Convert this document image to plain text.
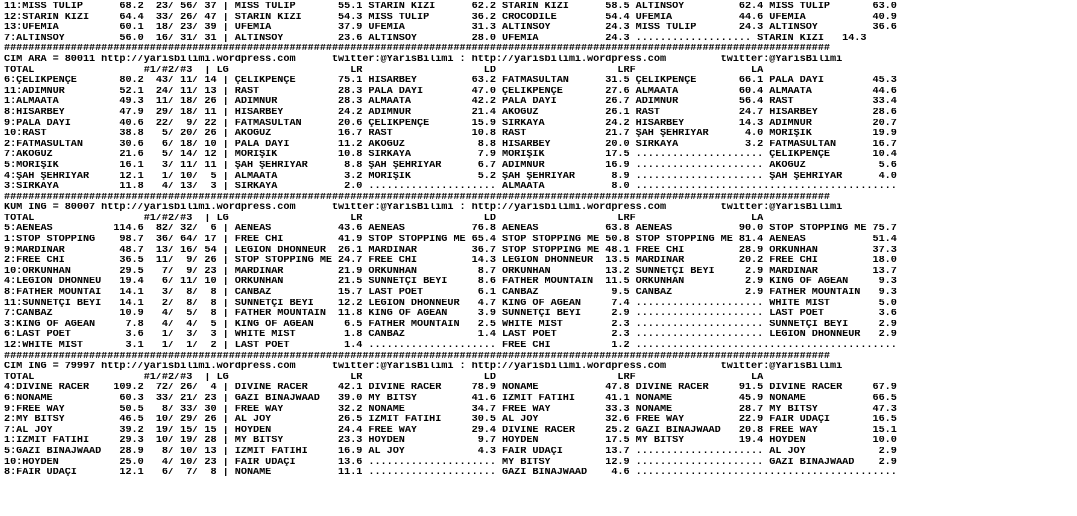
11:MISS TULIP      68.2  23/ 56/ 37 | MISS TULIP       55.1 STARIN KIZI      62.2 STARIN KIZI      58.5 ALTINSOY         62.4 MISS TULIP       63.0
12:STARIN KIZI     64.4  33/ 26/ 47 | STARIN KIZI      54.3 MISS TULIP       36.2 CROCODILE        54.4 UFEMIA           44.6 UFEMIA           40.9
13:UFEMIA          60.1  18/ 23/ 39 | UFEMIA           37.9 UFEMIA           31.3 ALTINSOY         24.3 MISS TULIP       24.3 ALTINSOY         36.6
7:ALTINSOY         56.0  16/ 31/ 31 | ALTINSOY         23.6 ALTINSOY         28.0 UFEMIA           24.3 ................... STARIN KIZI   14.3
########################################################################################################################################
CIM ARA = 80011 http://yarisbilimi.wordpress.com      twitter:@YarisBilimi : http://yarisbilimi.wordpress.com         twitter:@YarisBilimi
TOTAL                  #1/#2/#3  | LG                    LR                    LD                    LRF                   LA
6:ÇELİKPENÇE       80.2  43/ 11/ 14 | ÇELİKPENÇE       75.1 HİSARBEY         63.2 FATMASULTAN      31.5 ÇELİKPENÇE       66.1 PALA DAYI        45.3
11:ADIMNUR         52.1  24/ 11/ 13 | RAST             28.3 PALA DAYI        47.0 ÇELİKPENÇE       27.6 ALMAATA          60.4 ALMAATA          44.6
1:ALMAATA          49.3  11/ 18/ 26 | ADIMNUR          28.3 ALMAATA          42.2 PALA DAYI        26.7 ADIMNUR          56.4 RAST             33.4
8:HİSARBEY         47.9  29/ 18/ 11 | HİSARBEY         24.2 ADIMNUR          21.4 AKOĞUZ           26.1 RAST             24.7 HİSARBEY         28.6
9:PALA DAYI        40.6  22/  9/ 22 | FATMASULTAN      20.6 ÇELİKPENÇE       15.9 SIRKAYA          24.2 HİSARBEY         14.3 ADIMNUR          20.7
10:RAST            38.8   5/ 20/ 26 | AKOĞUZ           16.7 RAST             10.8 RAST             21.7 ŞAH ŞEHRİYAR      4.0 MORİŞİK          19.9
2:FATMASULTAN      30.6   6/ 18/ 10 | PALA DAYI        11.2 AKOĞUZ            8.8 HİSARBEY         20.0 SIRKAYA           3.2 FATMASULTAN      16.7
7:AKOĞUZ           21.6   5/ 14/ 12 | MORİŞİK          10.8 SIRKAYA           7.9 MORİŞİK          17.5 ..................... ÇELİKPENÇE       10.4
5:MORİŞİK          16.1   3/ 11/ 11 | ŞAH ŞEHRİYAR      8.8 ŞAH ŞEHRİYAR      6.7 ADIMNUR          16.9 ..................... AKOĞUZ            5.6
4:ŞAH ŞEHRİYAR     12.1   1/ 10/  5 | ALMAATA           3.2 MORİŞİK           5.2 ŞAH ŞEHRİYAR      8.9 ..................... ŞAH ŞEHRİYAR      4.0
3:SIRKAYA          11.8   4/ 13/  3 | SIRKAYA           2.0 ..................... ALMAATA           8.0 ...........................................
########################################################################################################################################
KUM ING = 80007 http://yarisbilimi.wordpress.com      twitter:@YarisBilimi : http://yarisbilimi.wordpress.com         twitter:@YarisBilimi
TOTAL                  #1/#2/#3  | LG                    LR                    LD                    LRF                   LA
5:AENEAS          114.6  82/ 32/  6 | AENEAS           43.6 AENEAS           76.8 AENEAS           63.8 AENEAS           90.0 STOP STOPPING ME 75.7
1:STOP STOPPING    98.7  36/ 64/ 17 | FREE CHI         41.9 STOP STOPPING ME 65.4 STOP STOPPING ME 50.8 STOP STOPPING ME 81.4 AENEAS           51.4
9:MARDINAR         48.7  13/ 16/ 54 | LEGION DHONNEUR  26.1 MARDINAR         36.7 STOP STOPPING ME 48.1 FREE CHI         28.9 ORKUNHAN         37.3
2:FREE CHI         36.5  11/  9/ 26 | STOP STOPPING ME 24.7 FREE CHI         14.3 LEGION DHONNEUR  13.5 MARDINAR         20.2 FREE CHI         18.0
10:ORKUNHAN        29.5   7/  9/ 23 | MARDINAR         21.9 ORKUNHAN          8.7 ORKUNHAN         13.2 SÜNNETÇİ BEYİ     2.9 MARDINAR         13.7
4:LEGION DHONNEU   19.4   6/ 11/ 10 | ORKUNHAN         21.5 SÜNNETÇİ BEYİ     8.6 FATHER MOUNTAIN  11.5 ORKUNHAN          2.9 KING OF AGEAN     9.3
8:FATHER MOUNTAI   14.1   3/  8/  8 | CANBAZ           15.7 LAST POET         6.1 CANBAZ            9.5 CANBAZ            2.9 FATHER MOUNTAIN   9.3
11:SÜNNETÇİ BEYİ   14.1   2/  8/  8 | SÜNNETÇİ BEYİ    12.2 LEGION DHONNEUR   4.7 KING OF AGEAN     7.4 ..................... WHITE MIST        5.0
7:CANBAZ           10.9   4/  5/  8 | FATHER MOUNTAIN  11.8 KING OF AGEAN     3.9 SÜNNETÇİ BEYİ     2.9 ..................... LAST POET         3.6
3:KING OF AGEAN     7.8   4/  4/  5 | KING OF AGEAN     6.5 FATHER MOUNTAIN   2.5 WHITE MIST        2.3 ..................... SÜNNETÇİ BEYİ     2.9
6:LAST POET         3.6   1/  3/  3 | WHITE MIST        1.8 CANBAZ            1.4 LAST POET         2.3 ..................... LEGION DHONNEUR   2.9
12:WHITE MIST       3.1   1/  1/  2 | LAST POET         1.4 ..................... FREE CHI          1.2 ...........................................
########################################################################################################################################
CIM ING = 79997 http://yarisbilimi.wordpress.com      twitter:@YarisBilimi : http://yarisbilimi.wordpress.com         twitter:@YarisBilimi
TOTAL                  #1/#2/#3  | LG                    LR                    LD                    LRF                   LA
4:DIVINE RACER    109.2  72/ 26/  4 | DIVINE RACER     42.1 DIVINE RACER     78.9 NONAME           47.8 DIVINE RACER     91.5 DIVINE RACER     67.9
6:NONAME           60.3  33/ 21/ 23 | GAZI BINAJWAAD   39.0 MY BITSY         41.6 İZMİT FATİHİ     41.1 NONAME           45.9 NONAME           66.5
9:FREE WAY         50.5   8/ 33/ 30 | FREE WAY         32.2 NONAME           34.7 FREE WAY         33.3 NONAME           28.7 MY BITSY         47.3
2:MY BITSY         46.5  10/ 29/ 26 | AL JOY           26.5 İZMİT FATİHİ     30.5 AL JOY           32.6 FREE WAY         22.9 FAIR UDAÇİ       16.5
7:AL JOY           39.2  19/ 15/ 15 | HOYDEN           24.4 FREE WAY         29.4 DIVINE RACER     25.2 GAZI BINAJWAAD   20.8 FREE WAY         15.1
1:İZMİT FATİHİ     29.3  10/ 19/ 28 | MY BITSY         23.3 HOYDEN            9.7 HOYDEN           17.5 MY BITSY         19.4 HOYDEN           10.0
5:GAZI BINAJWAAD   28.9   8/ 10/ 13 | İZMİT FATİHİ     16.9 AL JOY            4.3 FAIR UDAÇİ       13.7 ..................... AL JOY            2.9
10:HOYDEN          25.0   4/ 10/ 23 | FAIR UDAÇİ       13.6 ..................... MY BITSY         12.9 ..................... GAZI BINAJWAAD    2.9
8:FAIR UDAÇİ       12.1   6/  7/  8 | NONAME           11.1 ..................... GAZI BINAJWAAD    4.6 ...........................................
